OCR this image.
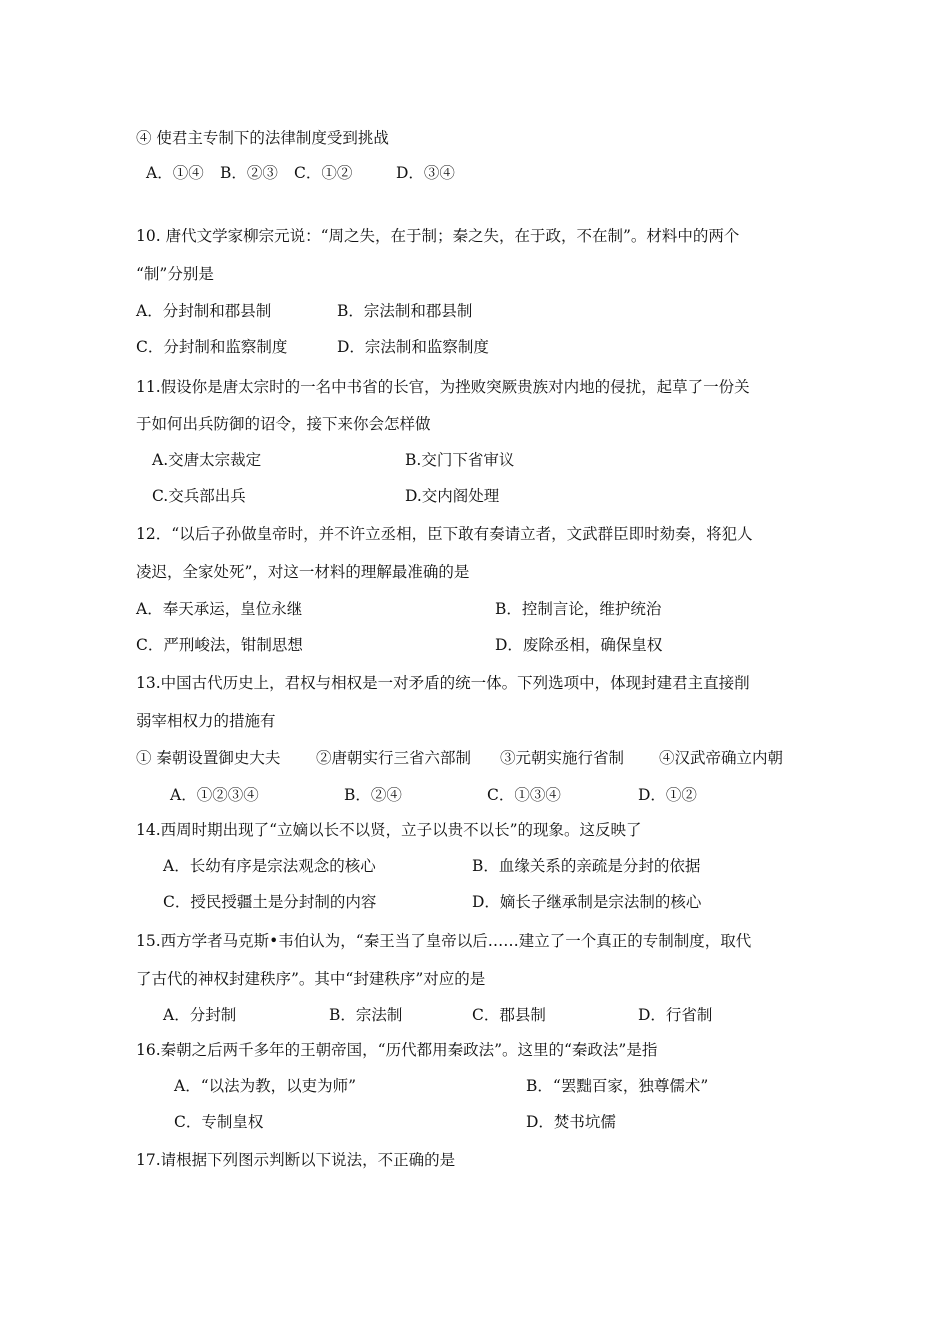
④ 使君主专制下的法律制度受到挑战
A．①④ B．②③ C．①②	D．③④
10. 唐代文学家柳宗元说：“周之失，在于制；秦之失，在于政，不在制”。材料中的两个
“制”分别是
A．分封制和郡县制	B．宗法制和郡县制
C．分封制和监察制度	D．宗法制和监察制度
11.假设你是唐太宗时的一名中书省的长官，为挫败突厥贵族对内地的侵扰，起草了一份关
于如何出兵防御的诏令，接下来你会怎样做
A.交唐太宗裁定	B.交门下省审议
C.交兵部出兵	D.交内阁处理
12．“以后子孙做皇帝时，并不许立丞相，臣下敢有奏请立者，文武群臣即时劾奏，将犯人
凌迟，全家处死”，对这一材料的理解最准确的是
A．奉天承运，皇位永继	B．控制言论，维护统治
C．严刑峻法，钳制思想	D．废除丞相，确保皇权
13.中国古代历史上，君权与相权是一对矛盾的统一体。下列选项中，体现封建君主直接削
弱宰相权力的措施有
① 秦朝设置御史大夫 ②唐朝实行三省六部制 ③元朝实施行省制 ④汉武帝确立内朝
A．①②③④	B．②④	C．①③④	D．①②
14.西周时期出现了“立嫡以长不以贤，立子以贵不以长”的现象。这反映了
A．长幼有序是宗法观念的核心	B．血缘关系的亲疏是分封的依据
C．授民授疆土是分封制的内容	D．嫡长子继承制是宗法制的核心
15.西方学者马克斯•韦伯认为，“秦王当了皇帝以后……建立了一个真正的专制制度，取代
了古代的神权封建秩序”。其中“封建秩序”对应的是
A．分封制	B．宗法制	C．郡县制	D．行省制
16.秦朝之后两千多年的王朝帝国，“历代都用秦政法”。这里的“秦政法”是指
A．“以法为教，以吏为师”	B．“罢黜百家，独尊儒术”
C．专制皇权	D．焚书坑儒
17.请根据下列图示判断以下说法，不正确的是
